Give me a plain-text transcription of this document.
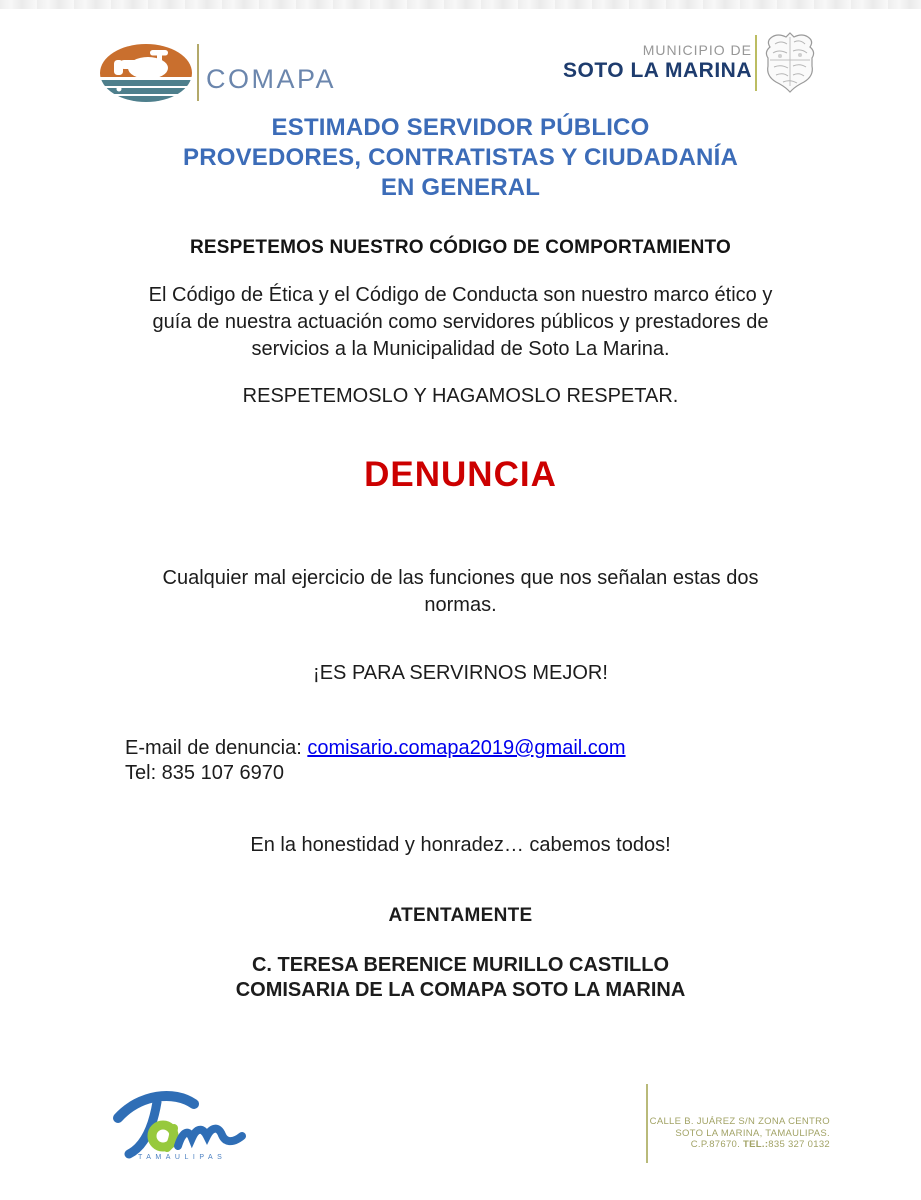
COMAPA
MUNICIPIO DE
SOTO LA MARINA
ESTIMADO SERVIDOR PÚBLICO
PROVEDORES, CONTRATISTAS Y CIUDADANÍA
EN GENERAL
RESPETEMOS NUESTRO CÓDIGO DE COMPORTAMIENTO
El Código de Ética y el Código de Conducta son nuestro marco ético y
guía de nuestra actuación como servidores públicos y prestadores de
servicios a la Municipalidad de Soto La Marina.
RESPETEMOSLO Y HAGAMOSLO RESPETAR.
DENUNCIA
Cualquier mal ejercicio de las funciones que nos señalan estas dos
normas.
¡ES PARA SERVIRNOS MEJOR!
E-mail de denuncia: comisario.comapa2019@gmail.com
Tel: 835 107 6970
En la honestidad y honradez… cabemos todos!
ATENTAMENTE
C. TERESA BERENICE MURILLO CASTILLO
COMISARIA DE LA COMAPA SOTO LA MARINA
TAMAULIPAS
CALLE B. JUÁREZ S/N ZONA CENTRO
SOTO LA MARINA, TAMAULIPAS.
C.P.87670. TEL.:835 327 0132
